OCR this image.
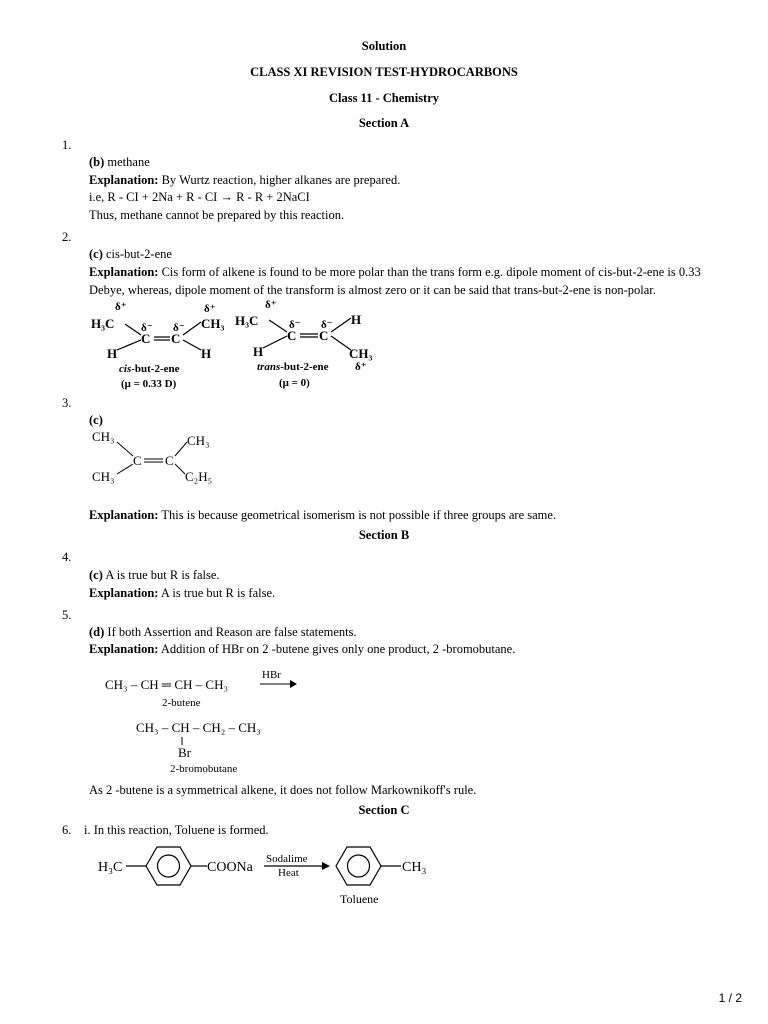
Solution
CLASS XI REVISION TEST-HYDROCARBONS
Class 11 - Chemistry
Section A
1.
(b) methane
Explanation: By Wurtz reaction, higher alkanes are prepared.
i.e, R - CI + 2Na + R - CI → R - R + 2NaCI
Thus, methane cannot be prepared by this reaction.
2.
(c) cis-but-2-ene
Explanation: Cis form of alkene is found to be more polar than the trans form e.g. dipole moment of cis-but-2-ene is 0.33 Debye, whereas, dipole moment of the transform is almost zero or it can be said that trans-but-2-ene is non-polar.
δ⁺
H₃C δ⁻ δ⁻
δ⁺
CH₃
C C
H	H
cis-but-2-ene
(μ = 0.33 D)
δ⁺
H₃C	δ⁻ δ⁻ H
C C
H	CH₃
trans-but-2-ene δ⁺
(μ = 0)
3.
(c)
CH₃	CH₃
C C
CH₃	C₂H₅
Explanation: This is because geometrical isomerism is not possible if three groups are same.
Section B
4.
(c) A is true but R is false.
Explanation: A is true but R is false.
5.
(d) If both Assertion and Reason are false statements.
Explanation: Addition of HBr on 2 -butene gives only one product, 2 -bromobutane.
CH₃ – CH ═ CH – CH₃
HBr
2-butene
CH₃ – CH – CH₂ – CH₃
Br
2-bromobutane
As 2 -butene is a symmetrical alkene, it does not follow Markownikoff's rule.
Section C
6. i. In this reaction, Toluene is formed.
H₃C	COONa
Sodalime
Heat	CH₃
Toluene
1 / 2
